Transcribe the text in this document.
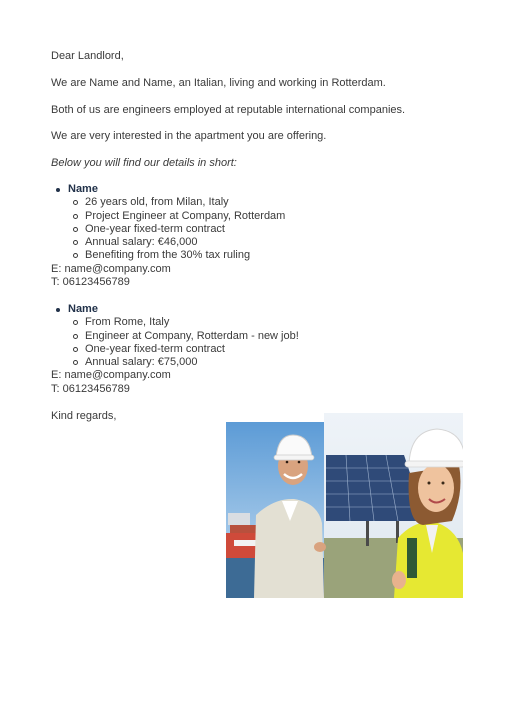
Dear Landlord,

We are Name and Name, an Italian, living and working in Rotterdam.

Both of us are engineers employed at reputable international companies.

We are very interested in the apartment you are offering.

Below you will find our details in short:

Name
26 years old, from Milan, Italy
Project Engineer at Company, Rotterdam
One-year fixed-term contract
Annual salary: €46,000
Benefiting from the 30% tax ruling
E: name@company.com
T: 06123456789
Name
From Rome, Italy
Engineer at Company, Rotterdam - new job!
One-year fixed-term contract
Annual salary: €75,000
E: name@company.com
T: 06123456789

Kind regards,
